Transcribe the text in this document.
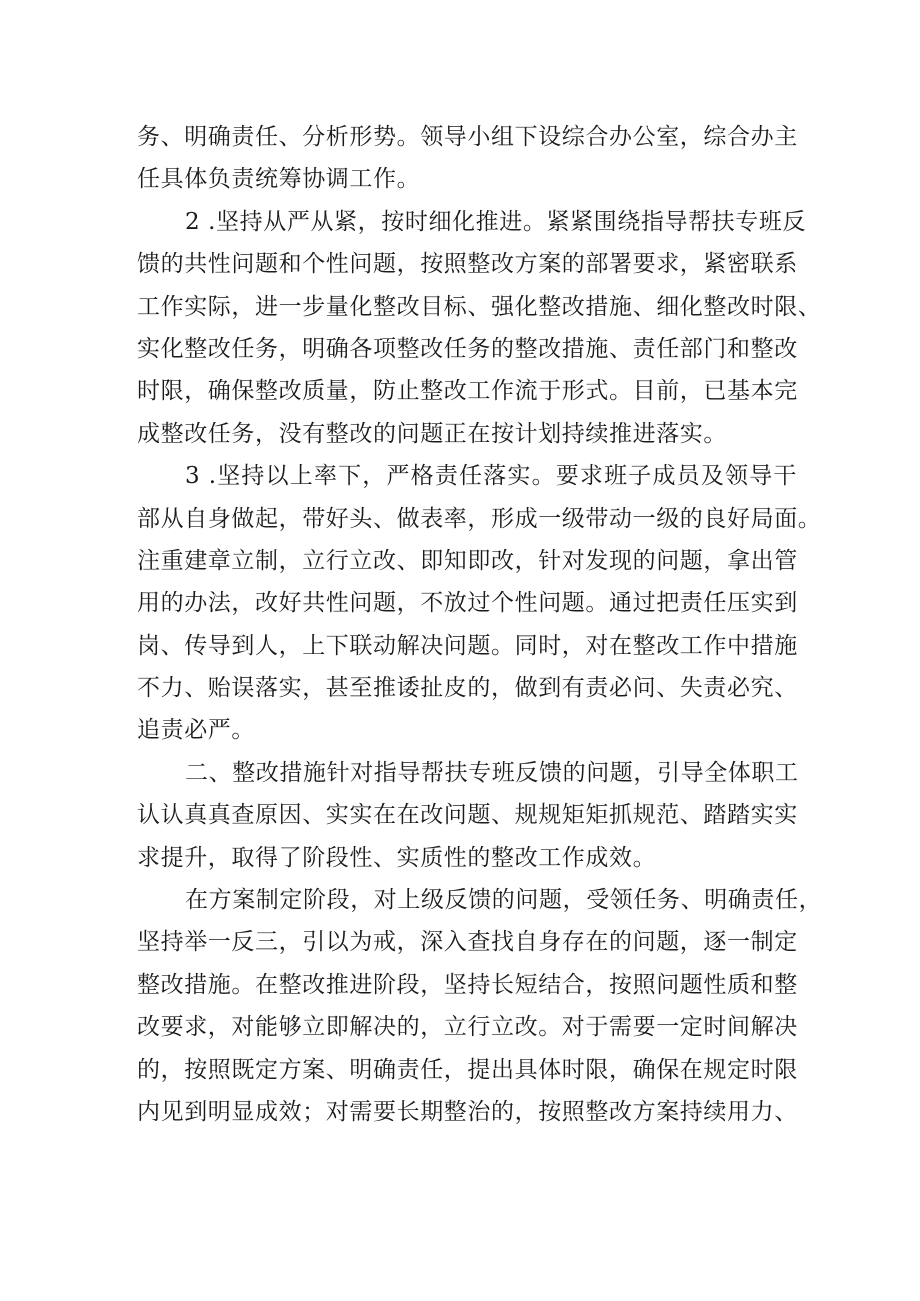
务、明确责任、分析形势。领导小组下设综合办公室，综合办主
任具体负责统筹协调工作。
2 .坚持从严从紧，按时细化推进。紧紧围绕指导帮扶专班反
馈的共性问题和个性问题，按照整改方案的部署要求，紧密联系
工作实际，进一步量化整改目标、强化整改措施、细化整改时限、
实化整改任务，明确各项整改任务的整改措施、责任部门和整改
时限，确保整改质量，防止整改工作流于形式。目前，已基本完
成整改任务，没有整改的问题正在按计划持续推进落实。
3 .坚持以上率下，严格责任落实。要求班子成员及领导干
部从自身做起，带好头、做表率，形成一级带动一级的良好局面。
注重建章立制，立行立改、即知即改，针对发现的问题，拿出管
用的办法，改好共性问题，不放过个性问题。通过把责任压实到
岗、传导到人，上下联动解决问题。同时，对在整改工作中措施
不力、贻误落实，甚至推诿扯皮的，做到有责必问、失责必究、
追责必严。
二、整改措施针对指导帮扶专班反馈的问题，引导全体职工
认认真真查原因、实实在在改问题、规规矩矩抓规范、踏踏实实
求提升，取得了阶段性、实质性的整改工作成效。
在方案制定阶段，对上级反馈的问题，受领任务、明确责任，
坚持举一反三，引以为戒，深入查找自身存在的问题，逐一制定
整改措施。在整改推进阶段，坚持长短结合，按照问题性质和整
改要求，对能够立即解决的，立行立改。对于需要一定时间解决
的，按照既定方案、明确责任，提出具体时限，确保在规定时限
内见到明显成效；对需要长期整治的，按照整改方案持续用力、
